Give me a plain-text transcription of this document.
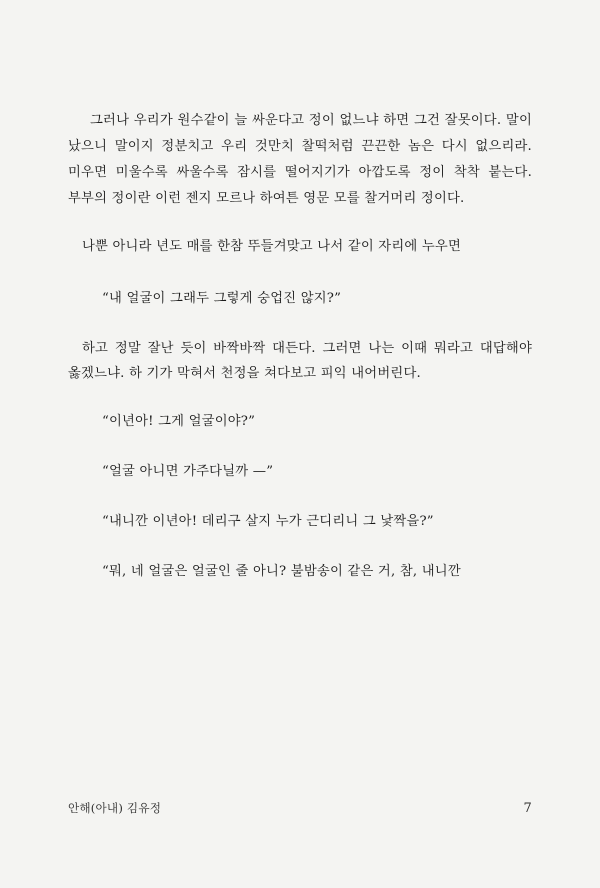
그러나 우리가 원수같이 늘 싸운다고 정이 없느냐 하면 그건 잘못이다. 말이 났으니 말이지 정분치고 우리 것만치 찰떡처럼 끈끈한 놈은 다시 없으리라. 미우면 미울수록 싸울수록 잠시를 떨어지기가 아깝도록 정이 착착 붙는다. 부부의 정이란 이런 젠지 모르나 하여튼 영문 모를 찰거머리 정이다.

나뿐 아니라 년도 매를 한참 뚜들겨맞고 나서 같이 자리에 누우면

“내 얼굴이 그래두 그렇게 숭업진 않지?”

하고 정말 잘난 듯이 바짝바짝 대든다. 그러면 나는 이때 뭐라고 대답해야 옳겠느냐. 하 기가 막혀서 천정을 쳐다보고 피익 내어버린다.

“이년아! 그게 얼굴이야?”

“얼굴 아니면 가주다닐까 —”

“내니깐 이년아! 데리구 살지 누가 근디리니 그 낯짝을?”

“뭐, 네 얼굴은 얼굴인 줄 아니? 불밤송이 같은 거, 참, 내니깐

안해(아내) 김유정	7
